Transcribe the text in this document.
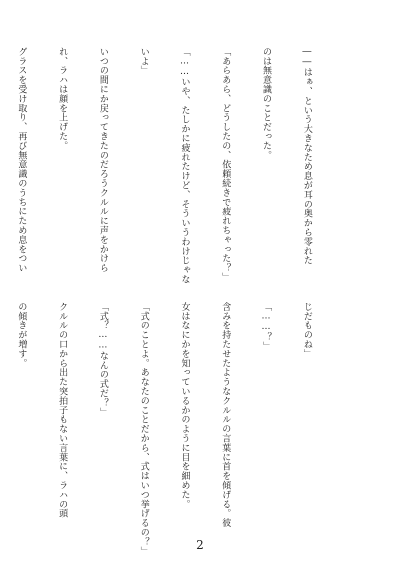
――はぁ、という大きなため息が耳の奥から零れた

のは無意識のことだった。

「あらあら、どうしたの、依頼続きで疲れちゃった？」

「……いや、たしかに疲れたけど、そういうわけじゃな

いよ」

いつの間にか戻ってきたのだろうクルルに声をかけら

れ、ラハは顔を上げた。

グラスを受け取り、再び無意識のうちにため息をつい

じだものね」

「……？」

含みを持たせたようなクルルの言葉に首を傾げる。彼

女はなにかを知っているかのように目を細めた。

「式のことよ。あなたのことだから、式はいつ挙げるの？」

「式？……なんの式だ？」

クルルの口から出た突拍子もない言葉に、ラハの頭

の傾きが増す。

2
